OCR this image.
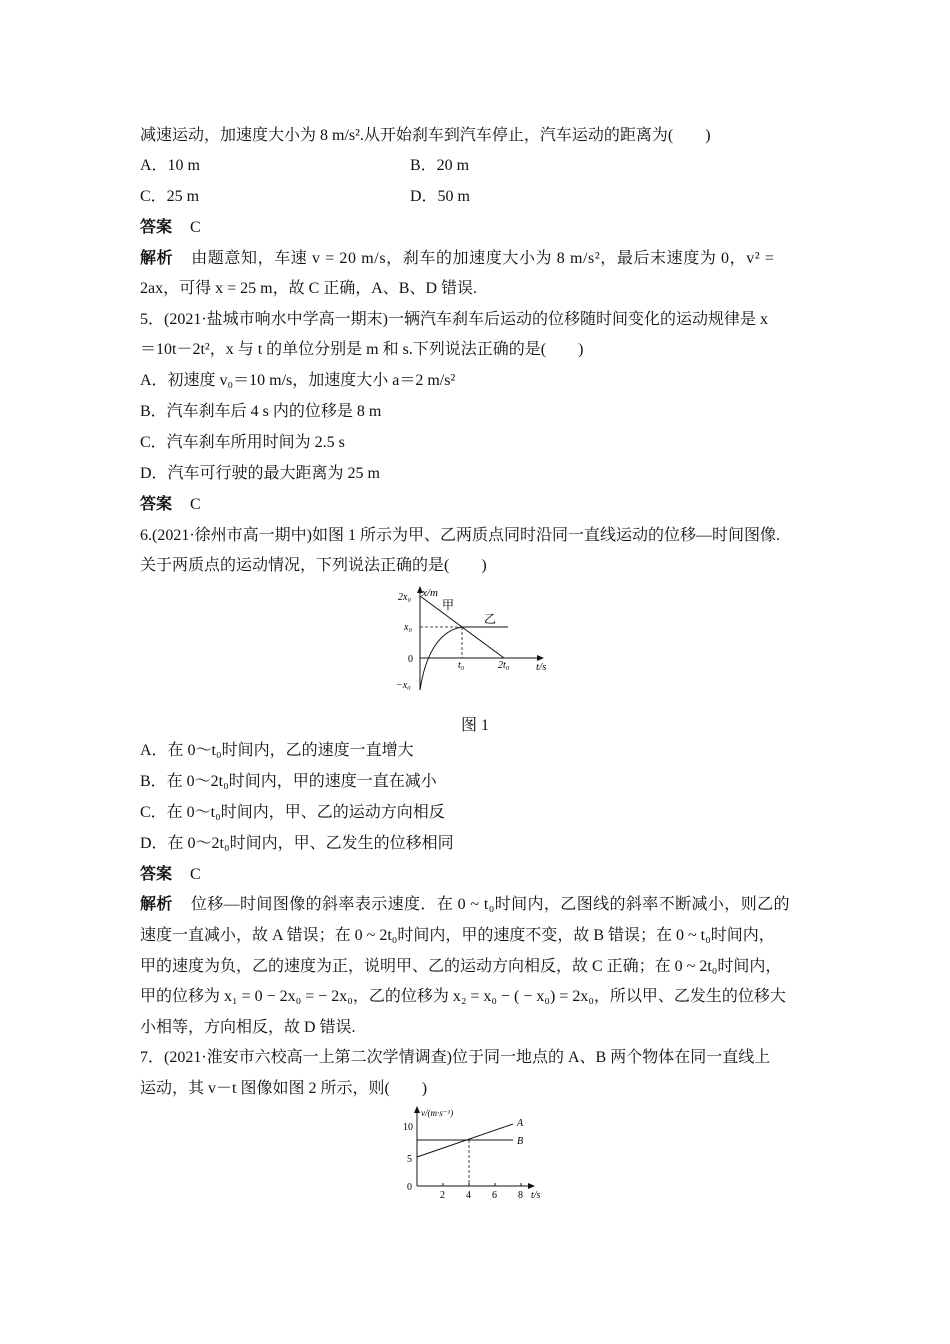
减速运动，加速度大小为 8 m/s².从开始刹车到汽车停止，汽车运动的距离为(　　)
A．10 m	B．20 m
C．25 m	D．50 m
答案 C
解析 由题意知，车速 v = 20 m/s，刹车的加速度大小为 8 m/s²，最后末速度为 0，v² =
2ax，可得 x = 25 m，故 C 正确，A、B、D 错误.
5．(2021·盐城市响水中学高一期末)一辆汽车刹车后运动的位移随时间变化的运动规律是 x
＝10t－2t²，x 与 t 的单位分别是 m 和 s.下列说法正确的是(　　)
A．初速度 v₀＝10 m/s，加速度大小 a＝2 m/s²
B．汽车刹车后 4 s 内的位移是 8 m
C．汽车刹车所用时间为 2.5 s
D．汽车可行驶的最大距离为 25 m
答案 C
6.(2021·徐州市高一期中)如图 1 所示为甲、乙两质点同时沿同一直线运动的位移—时间图像.
关于两质点的运动情况，下列说法正确的是(　　)
x/m
2x₀
x₀
0
−x₀
t₀	2t₀ t/s
甲
乙
图 1
A．在 0～t₀时间内，乙的速度一直增大
B．在 0～2t₀时间内，甲的速度一直在减小
C．在 0～t₀时间内，甲、乙的运动方向相反
D．在 0～2t₀时间内，甲、乙发生的位移相同
答案 C
解析 位移—时间图像的斜率表示速度．在 0 ~ t₀时间内，乙图线的斜率不断减小，则乙的
速度一直减小，故 A 错误；在 0 ~ 2t₀时间内，甲的速度不变，故 B 错误；在 0 ~ t₀时间内，
甲的速度为负，乙的速度为正，说明甲、乙的运动方向相反，故 C 正确；在 0 ~ 2t₀时间内，
甲的位移为 x₁ = 0 − 2x₀ = − 2x₀，乙的位移为 x₂ = x₀ − ( − x₀) = 2x₀，所以甲、乙发生的位移大
小相等，方向相反，故 D 错误.
7．(2021·淮安市六校高一上第二次学情调查)位于同一地点的 A、B 两个物体在同一直线上
运动，其 v－t 图像如图 2 所示，则(　　)
v/(m·s⁻¹)
10
5
0
2 4 6 8 t/s
A
B
